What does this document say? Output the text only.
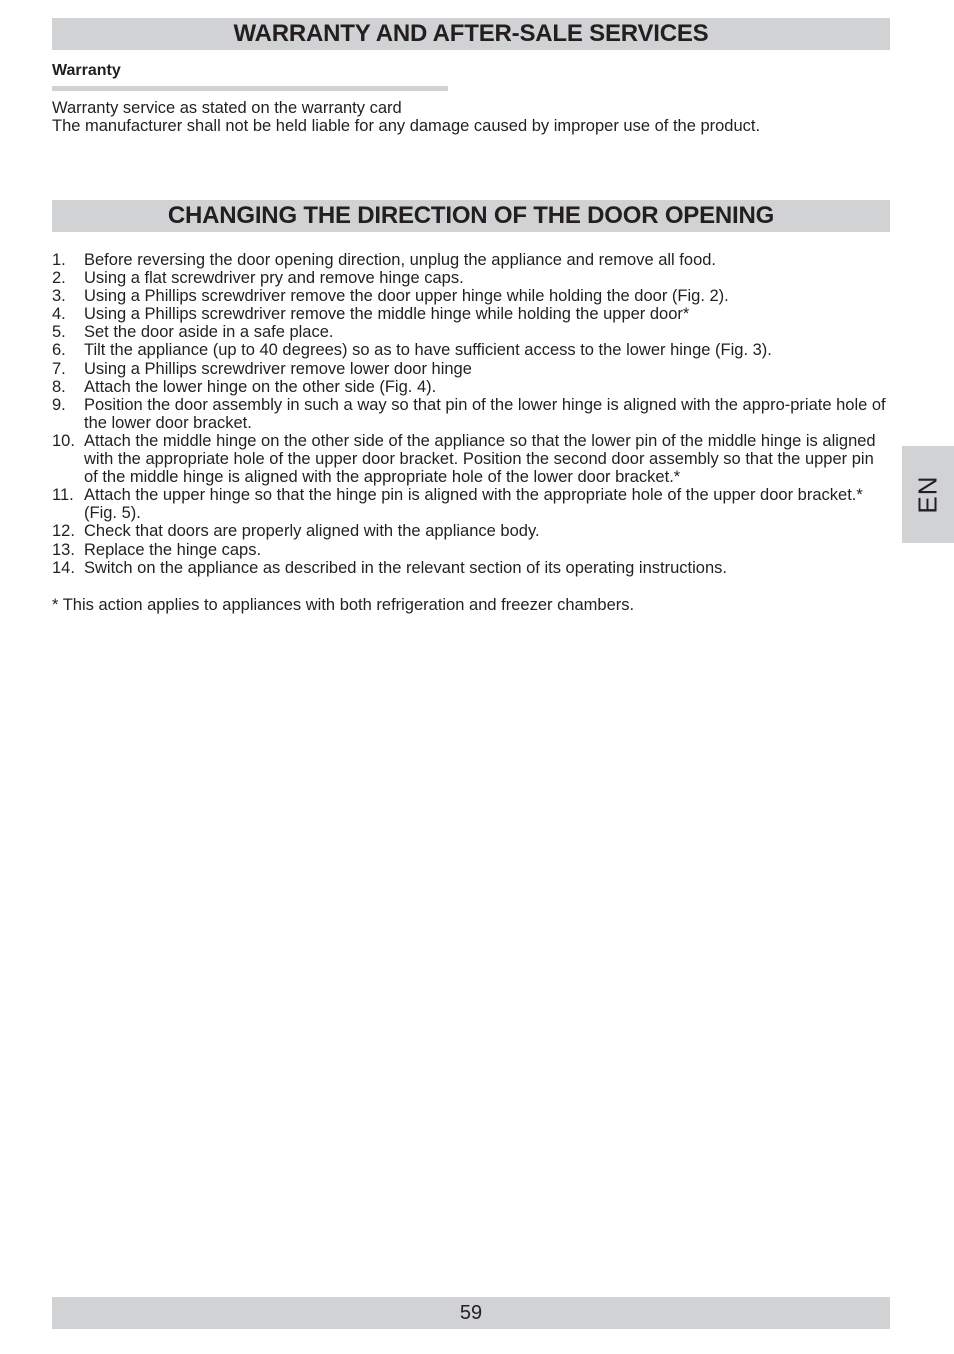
WARRANTY AND AFTER-SALE SERVICES
Warranty

Warranty service as stated on the warranty card

The manufacturer shall not be held liable for any damage caused by improper use of the product.

CHANGING THE DIRECTION OF THE DOOR OPENING
1.	Before reversing the door opening direction, unplug the appliance and remove all food.
2.	Using a flat screwdriver pry and remove hinge caps.
3.	Using a Phillips screwdriver remove the door upper hinge while holding the door (Fig. 2).
4.	Using a Phillips screwdriver remove the middle hinge while holding the upper door*
5.	Set the door aside in a safe place.
6.	Tilt the appliance (up to 40 degrees) so as to have sufficient access to the lower hinge (Fig. 3).
7.	Using a Phillips screwdriver remove lower door hinge
8.	Attach the lower hinge on the other side (Fig. 4).
9.	Position the door assembly in such a way so that pin of the lower hinge is aligned with the appro-priate hole of the lower door bracket.
10. Attach the middle hinge on the other side of the appliance so that the lower pin of the middle hinge is aligned with the appropriate hole of the upper door bracket. Position the second door assembly so that the upper pin of the middle hinge is aligned with the appropriate hole of the lower door bracket.*
11. Attach the upper hinge so that the hinge pin is aligned with the appropriate hole of the upper door bracket.* (Fig. 5).
12. Check that doors are properly aligned with the appliance body.
13. Replace the hinge caps.
14. Switch on the appliance as described in the relevant section of its operating instructions.

* This action applies to appliances with both refrigeration and freezer chambers.

EN
59
